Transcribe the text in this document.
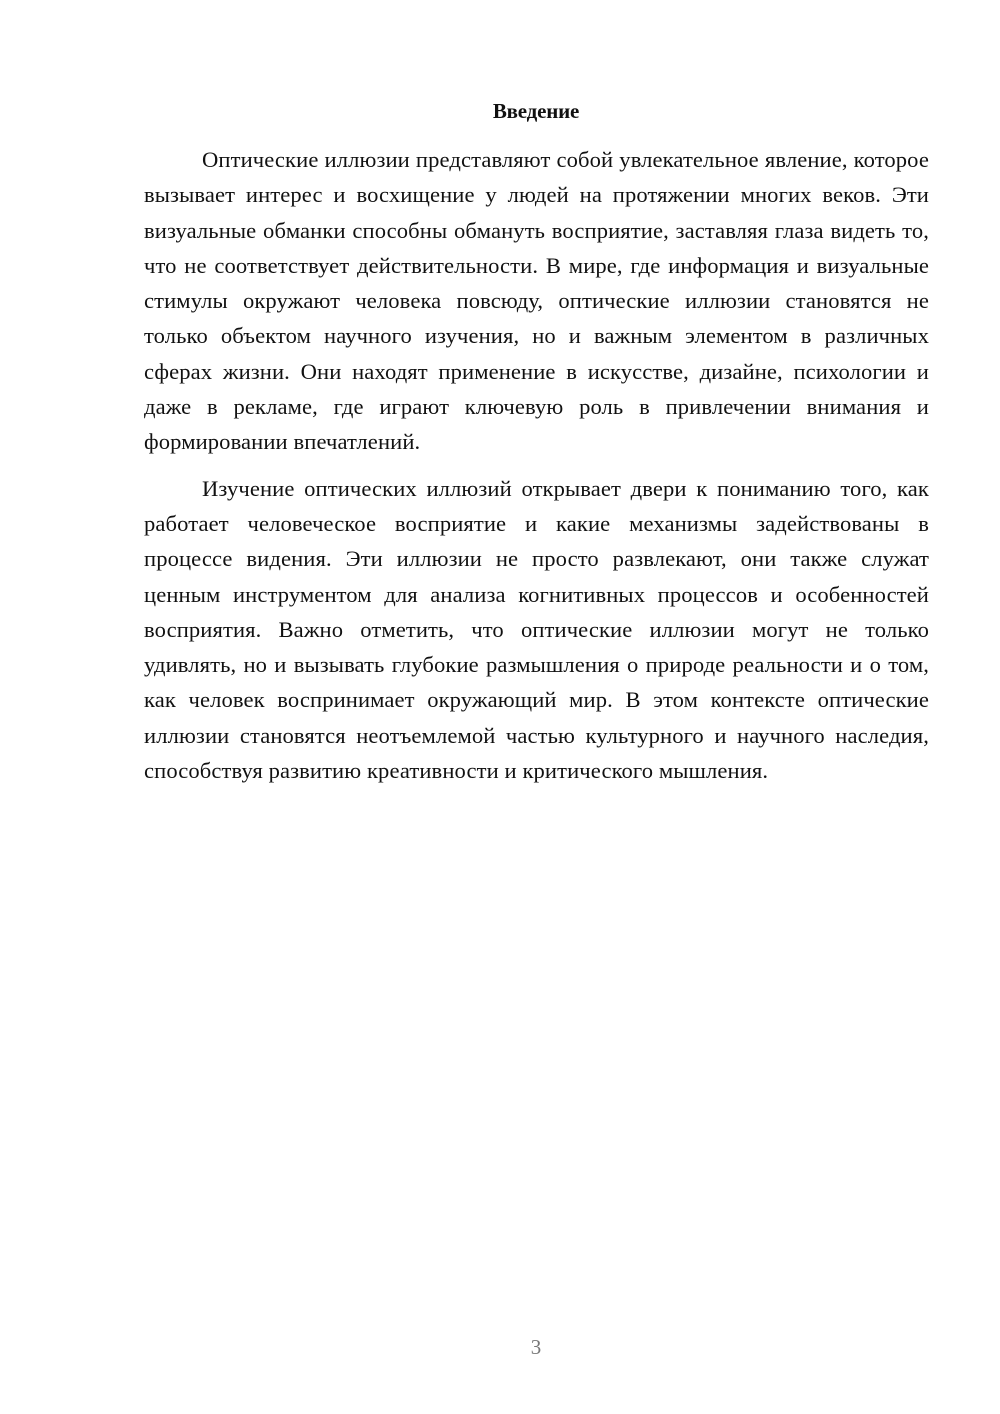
Введение

Оптические иллюзии представляют собой увлекательное явление, которое вызывает интерес и восхищение у людей на протяжении многих веков. Эти визуальные обманки способны обмануть восприятие, заставляя глаза видеть то, что не соответствует действительности. В мире, где информация и визуальные стимулы окружают человека повсюду, оптические иллюзии становятся не только объектом научного изучения, но и важным элементом в различных сферах жизни. Они находят применение в искусстве, дизайне, психологии и даже в рекламе, где играют ключевую роль в привлечении внимания и формировании впечатлений.

Изучение оптических иллюзий открывает двери к пониманию того, как работает человеческое восприятие и какие механизмы задействованы в процессе видения. Эти иллюзии не просто развлекают, они также служат ценным инструментом для анализа когнитивных процессов и особенностей восприятия. Важно отметить, что оптические иллюзии могут не только удивлять, но и вызывать глубокие размышления о природе реальности и о том, как человек воспринимает окружающий мир. В этом контексте оптические иллюзии становятся неотъемлемой частью культурного и научного наследия, способствуя развитию креативности и критического мышления.

3
